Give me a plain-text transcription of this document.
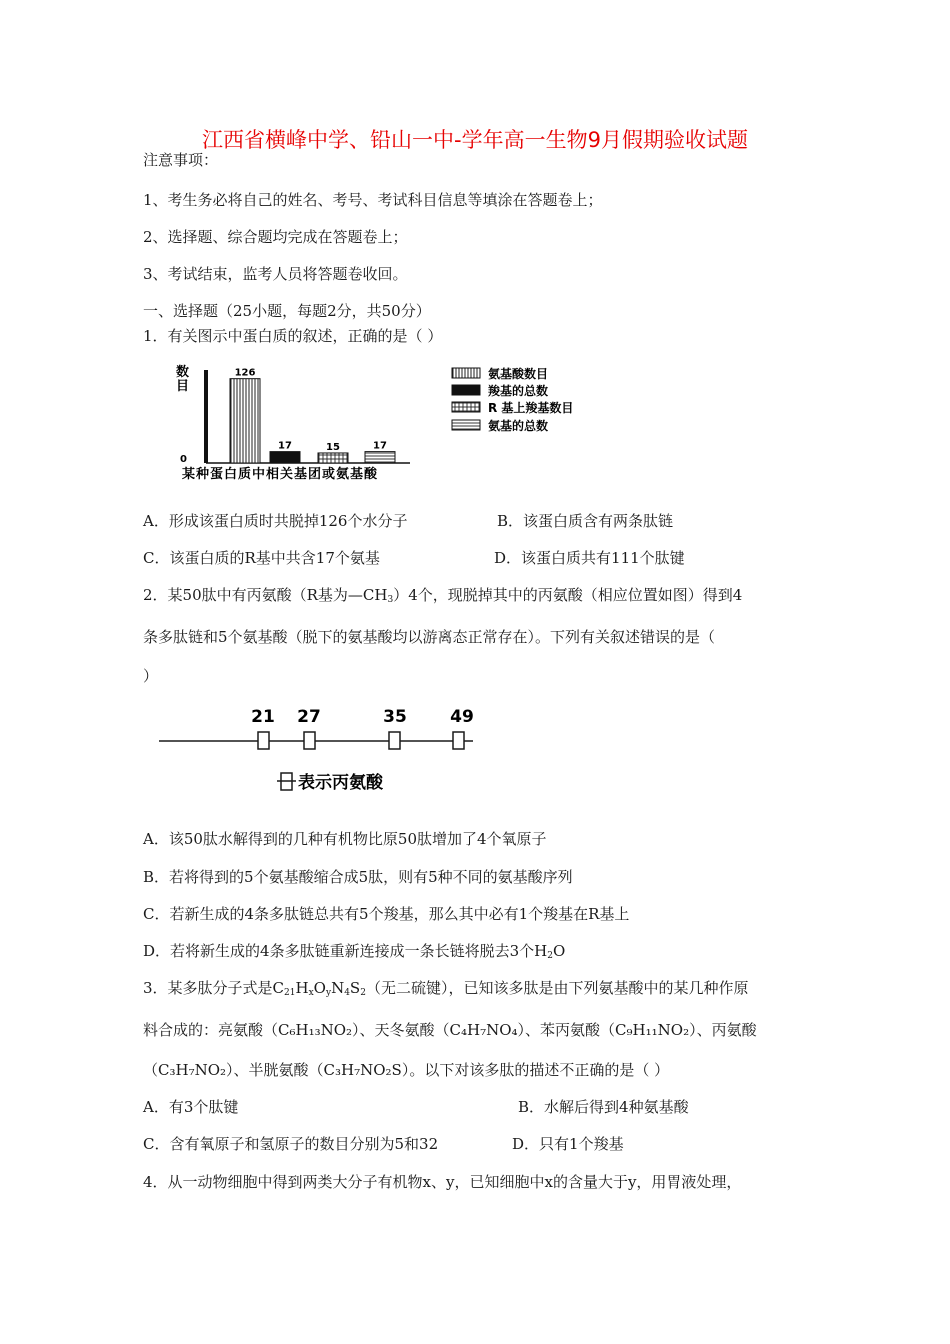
江西省横峰中学、铅山一中-学年高一生物9月假期验收试题
注意事项：
1、考生务必将自己的姓名、考号、考试科目信息等填涂在答题卷上；
2、选择题、综合题均完成在答题卷上；
3、考试结束，监考人员将答题卷收回。
一、选择题（25小题，每题2分，共50分）
1．有关图示中蛋白质的叙述，正确的是（ ）
数
目
0
某种蛋白质中相关基团或氨基酸
126
17	15	17
氨基酸数目
羧基的总数
R 基上羧基数目
氨基的总数
A．形成该蛋白质时共脱掉126个水分子	B．该蛋白质含有两条肽链
C．该蛋白质的R基中共含17个氨基	D．该蛋白质共有111个肽键
2．某50肽中有丙氨酸（R基为$—CH_3)4$个，现脱掉其中的丙氨酸（相应位置如图）得到4
条多肽链和5个氨基酸（脱下的氨基酸均以游离态正常存在）。下列有关叙述错误的是（
）
21 27	35	49
表示丙氨酸
A．该50肽水解得到的几种有机物比原50肽增加了4个氧原子
B．若将得到的5个氨基酸缩合成5肽，则有5种不同的氨基酸序列
C．若新生成的4条多肽链总共有5个羧基，那么其中必有1个羧基在R基上
D．若将新生成的4条多肽链重新连接成一条长链将脱去3个$H_2O$
3．某多肽分子式是$C_{21}H_xO_yN_4S_2$（无二硫键），已知该多肽是由下列氨基酸中的某几种作原
料合成的：亮氨酸（C₆H₁₃NO₂）、天冬氨酸（C₄H₇NO₄）、苯丙氨酸（C₉H₁₁NO₂）、丙氨酸
（C₃H₇NO₂）、半胱氨酸（C₃H₇NO₂S）。以下对该多肽的描述不正确的是（ ）
A．有3个肽键	B．水解后得到4种氨基酸
C．含有氧原子和氢原子的数目分别为5和32	D．只有1个羧基
4．从一动物细胞中得到两类大分子有机物x、y，已知细胞中x的含量大于y，用胃液处理，
